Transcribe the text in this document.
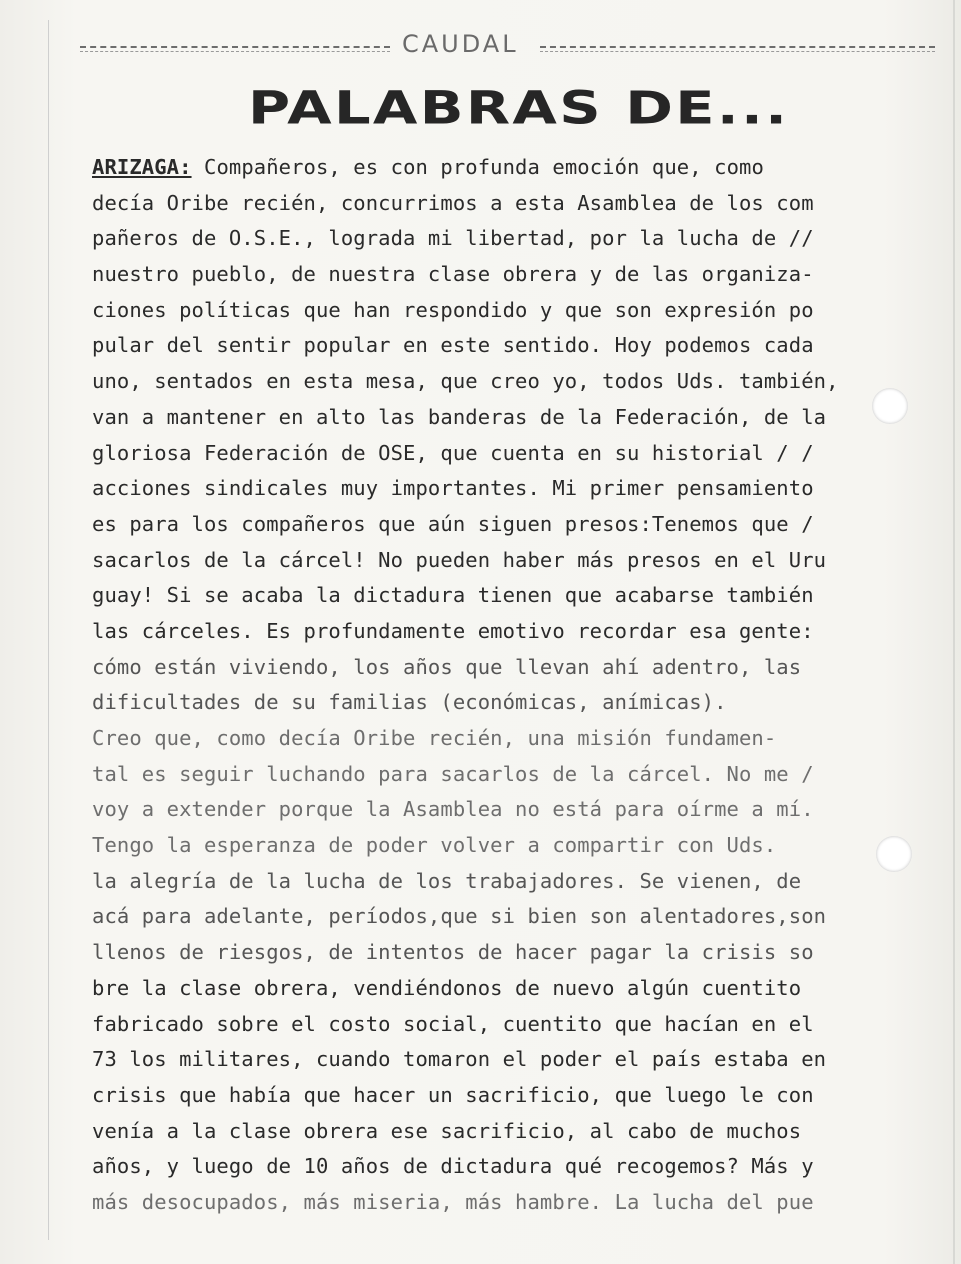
CAUDAL
PALABRAS DE...
ARIZAGA: Compañeros, es con profunda emoción que, como
decía Oribe recién, concurrimos a esta Asamblea de los com
pañeros de O.S.E., lograda mi libertad, por la lucha de //
nuestro pueblo, de nuestra clase obrera y de las organiza-
ciones políticas que han respondido y que son expresión po
pular del sentir popular en este sentido. Hoy podemos cada
uno, sentados en esta mesa, que creo yo, todos Uds. también,
van a mantener en alto las banderas de la Federación, de la
gloriosa Federación de OSE, que cuenta en su historial / /
acciones sindicales muy importantes. Mi primer pensamiento
es para los compañeros que aún siguen presos:Tenemos que /
sacarlos de la cárcel! No pueden haber más presos en el Uru
guay! Si se acaba la dictadura tienen que acabarse también
las cárceles. Es profundamente emotivo recordar esa gente:
cómo están viviendo, los años que llevan ahí adentro, las
dificultades de su familias (económicas, anímicas).
Creo que, como decía Oribe recién, una misión fundamen-
tal es seguir luchando para sacarlos de la cárcel. No me /
voy a extender porque la Asamblea no está para oírme a mí.
Tengo la esperanza de poder volver a compartir con Uds.
la alegría de la lucha de los trabajadores. Se vienen, de
acá para adelante, períodos,que si bien son alentadores,son
llenos de riesgos, de intentos de hacer pagar la crisis so
bre la clase obrera, vendiéndonos de nuevo algún cuentito
fabricado sobre el costo social, cuentito que hacían en el
73 los militares, cuando tomaron el poder el país estaba en
crisis que había que hacer un sacrificio, que luego le con
venía a la clase obrera ese sacrificio, al cabo de muchos
años, y luego de 10 años de dictadura qué recogemos? Más y
más desocupados, más miseria, más hambre. La lucha del pue
